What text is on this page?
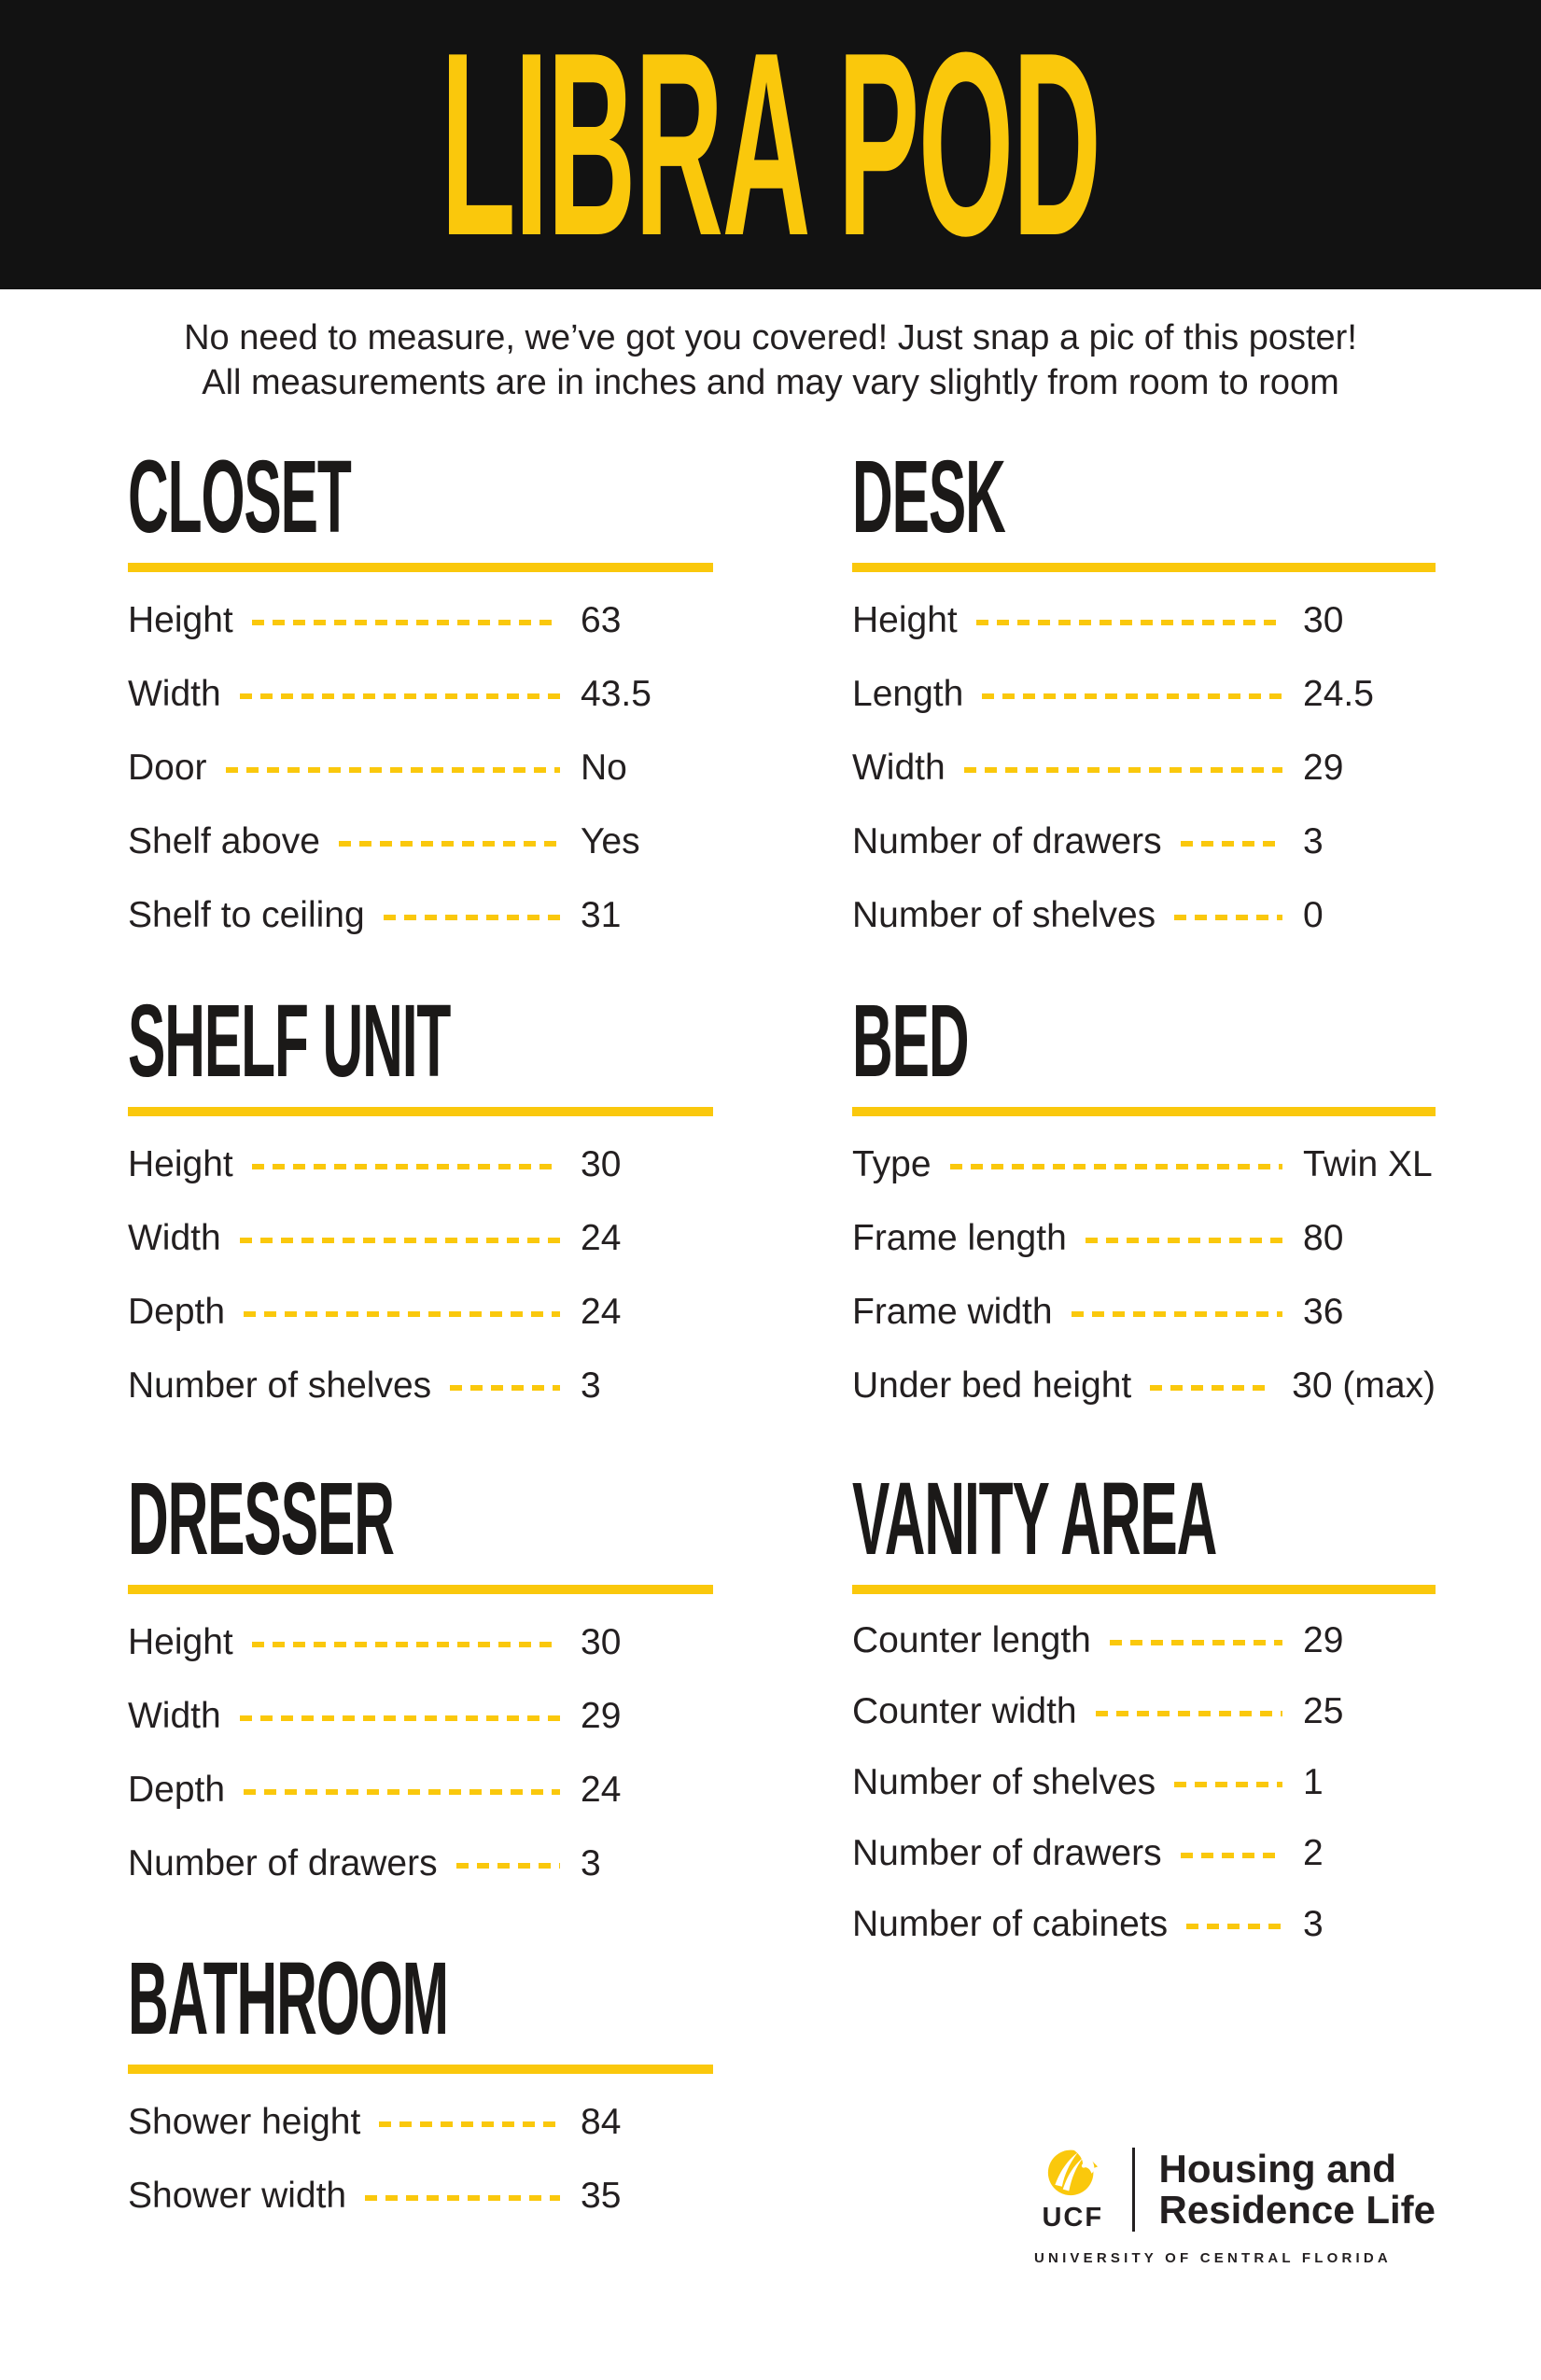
LIBRA POD
No need to measure, we’ve got you covered! Just snap a pic of this poster!
All measurements are in inches and may vary slightly from room to room
CLOSET
Height	63
Width	43.5
Door	No
Shelf above	Yes
Shelf to ceiling	31
DESK
Height	30
Length	24.5
Width	29
Number of drawers	3
Number of shelves	0
SHELF UNIT
Height	30
Width	24
Depth	24
Number of shelves	3
BED
Type	Twin XL
Frame length	80
Frame width	36
Under bed height	30 (max)
DRESSER
Height	30
Width	29
Depth	24
Number of drawers	3
VANITY AREA
Counter length	29
Counter width	25
Number of shelves	1
Number of drawers	2
Number of cabinets	3
BATHROOM
Shower height	84
Shower width	35
UCF
Housing and
Residence Life
UNIVERSITY OF CENTRAL FLORIDA
